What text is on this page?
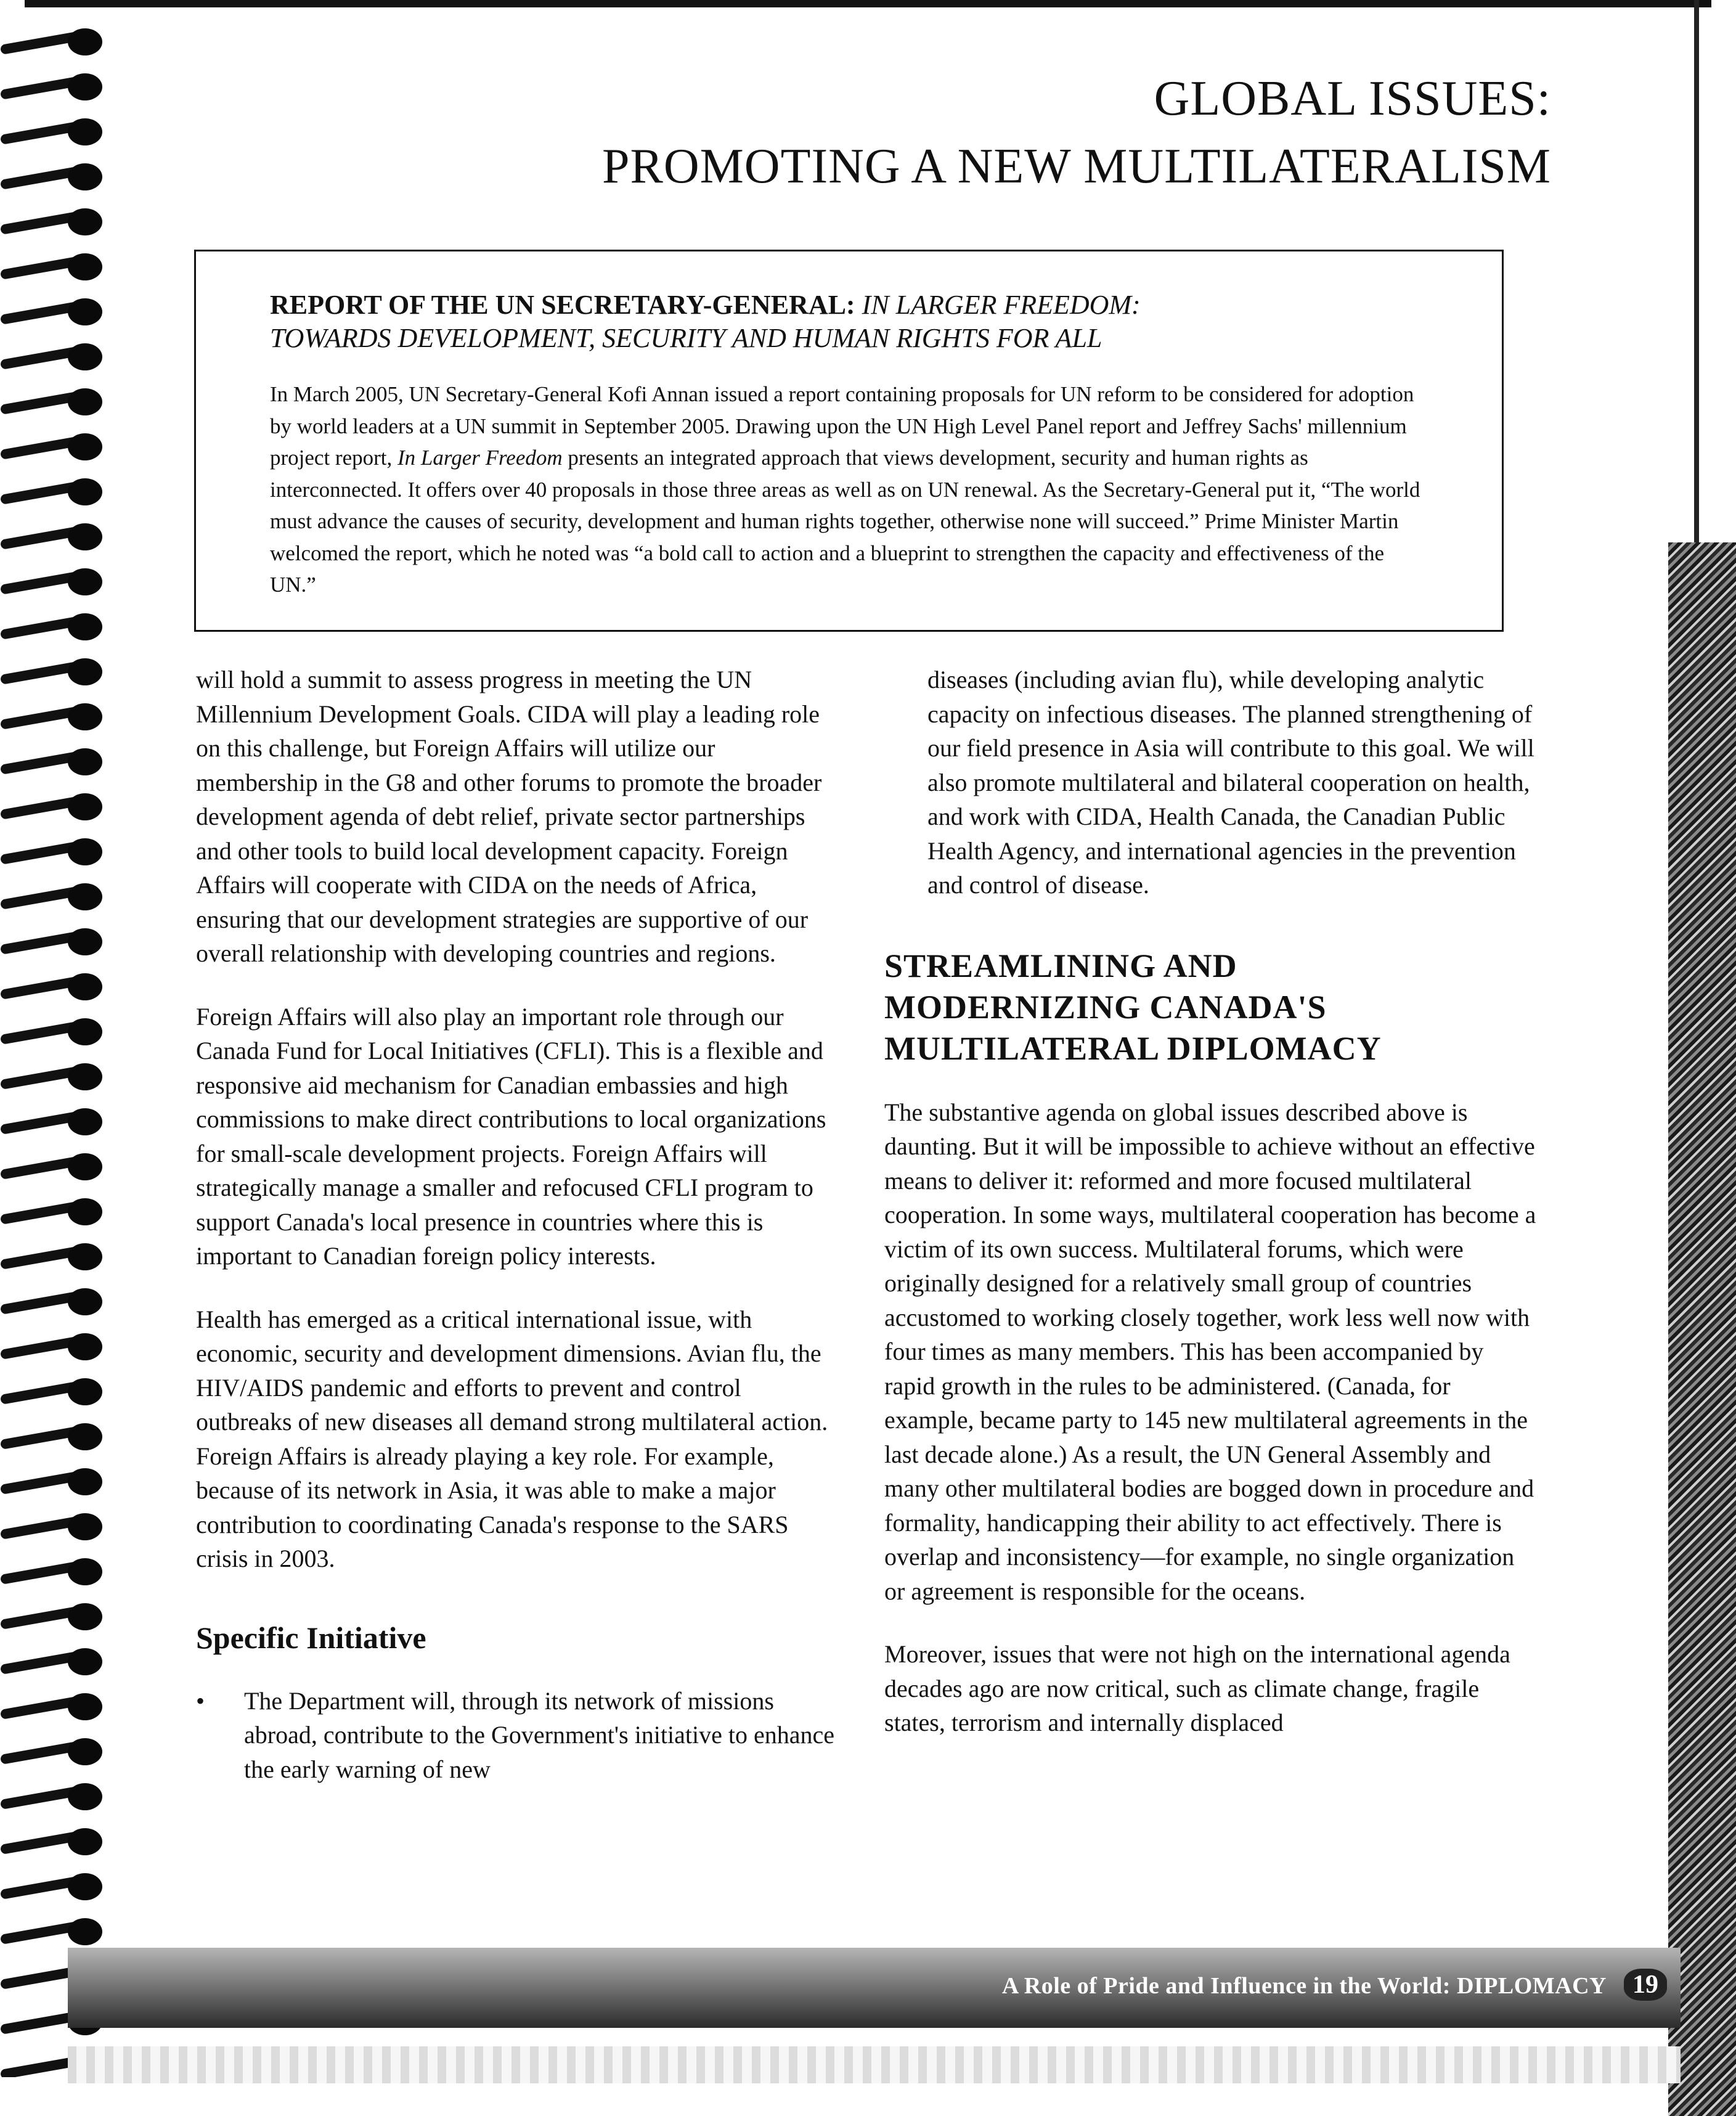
GLOBAL ISSUES:
PROMOTING A NEW MULTILATERALISM
REPORT OF THE UN SECRETARY-GENERAL: IN LARGER FREEDOM:
TOWARDS DEVELOPMENT, SECURITY AND HUMAN RIGHTS FOR ALL

In March 2005, UN Secretary-General Kofi Annan issued a report containing proposals for UN reform to be considered for adoption by world leaders at a UN summit in September 2005. Drawing upon the UN High Level Panel report and Jeffrey Sachs' millennium project report, In Larger Freedom presents an integrated approach that views development, security and human rights as interconnected. It offers over 40 proposals in those three areas as well as on UN renewal. As the Secretary-General put it, “The world must advance the causes of security, development and human rights together, otherwise none will succeed.” Prime Minister Martin welcomed the report, which he noted was “a bold call to action and a blueprint to strengthen the capacity and effectiveness of the UN.”

will hold a summit to assess progress in meeting the UN Millennium Development Goals. CIDA will play a leading role on this challenge, but Foreign Affairs will utilize our membership in the G8 and other forums to promote the broader development agenda of debt relief, private sector partnerships and other tools to build local development capacity. Foreign Affairs will cooperate with CIDA on the needs of Africa, ensuring that our development strategies are supportive of our overall relationship with developing countries and regions.

Foreign Affairs will also play an important role through our Canada Fund for Local Initiatives (CFLI). This is a flexible and responsive aid mechanism for Canadian embassies and high commissions to make direct contributions to local organizations for small-scale development projects. Foreign Affairs will strategically manage a smaller and refocused CFLI program to support Canada's local presence in countries where this is important to Canadian foreign policy interests.

Health has emerged as a critical international issue, with economic, security and development dimensions. Avian flu, the HIV/AIDS pandemic and efforts to prevent and control outbreaks of new diseases all demand strong multilateral action. Foreign Affairs is already playing a key role. For example, because of its network in Asia, it was able to make a major contribution to coordinating Canada's response to the SARS crisis in 2003.

Specific Initiative
•	The Department will, through its network of missions abroad, contribute to the Government's initiative to enhance the early warning of new

diseases (including avian flu), while developing analytic capacity on infectious diseases. The planned strengthening of our field presence in Asia will contribute to this goal. We will also promote multilateral and bilateral cooperation on health, and work with CIDA, Health Canada, the Canadian Public Health Agency, and international agencies in the prevention and control of disease.

STREAMLINING AND
MODERNIZING CANADA'S
MULTILATERAL DIPLOMACY

The substantive agenda on global issues described above is daunting. But it will be impossible to achieve without an effective means to deliver it: reformed and more focused multilateral cooperation. In some ways, multilateral cooperation has become a victim of its own success. Multilateral forums, which were originally designed for a relatively small group of countries accustomed to working closely together, work less well now with four times as many members. This has been accompanied by rapid growth in the rules to be administered. (Canada, for example, became party to 145 new multilateral agreements in the last decade alone.) As a result, the UN General Assembly and many other multilateral bodies are bogged down in procedure and formality, handicapping their ability to act effectively. There is overlap and inconsistency—for example, no single organization or agreement is responsible for the oceans.

Moreover, issues that were not high on the international agenda decades ago are now critical, such as climate change, fragile states, terrorism and internally displaced

A Role of Pride and Influence in the World: DIPLOMACY	19
